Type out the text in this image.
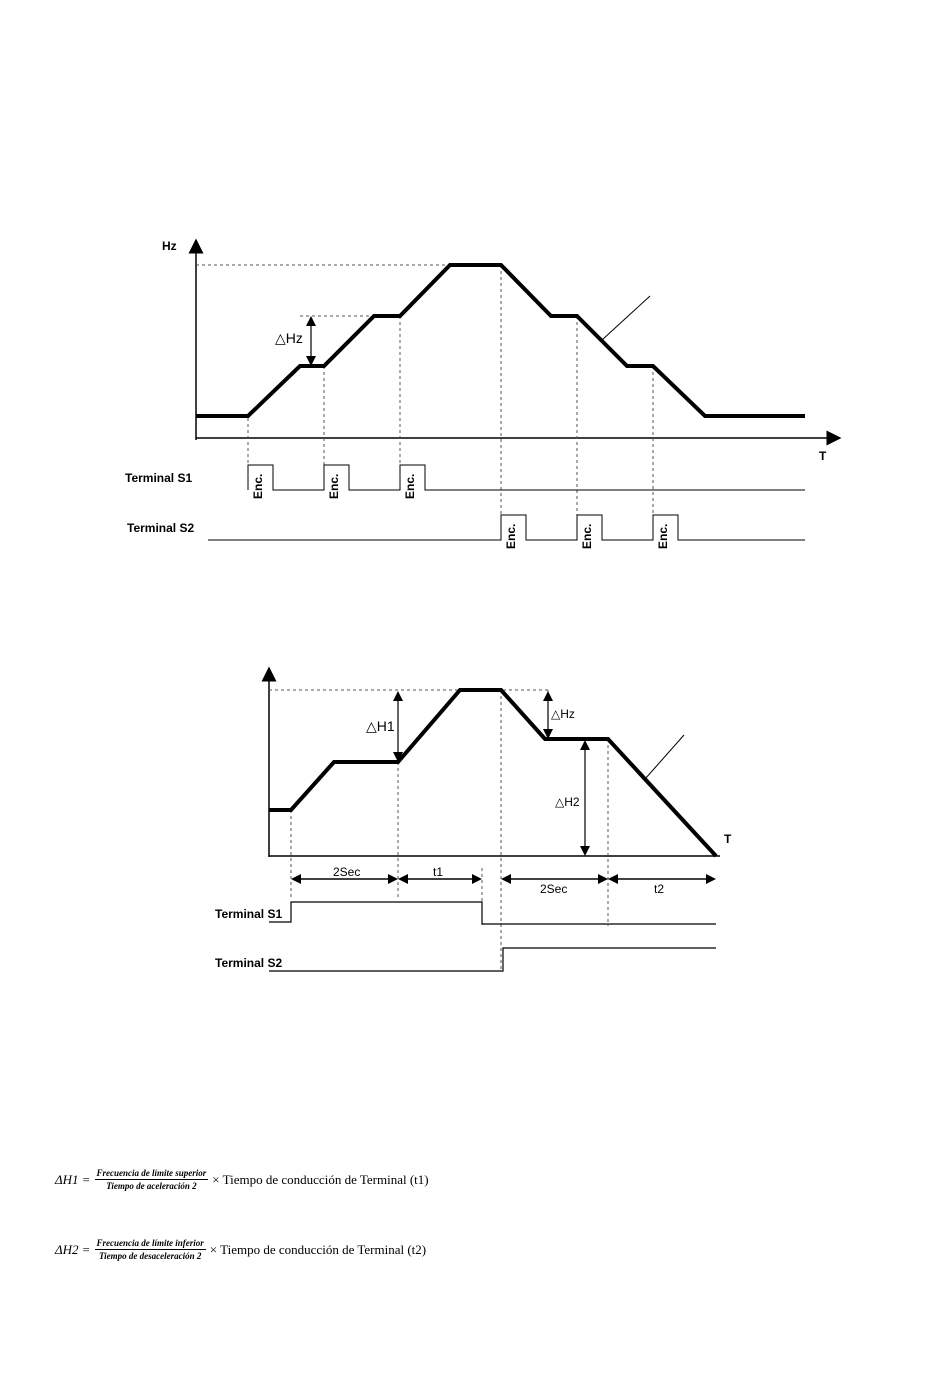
Hz
T
△Hz
Terminal S1	Enc.	Enc.	Enc.
Terminal S2	Enc.	Enc.	Enc.
T
△H1
△Hz
△H2
2Sec	t1
2Sec	t2
Terminal S1
Terminal S2
$\Delta H1 = \frac{\text{Frecuencia de límite superior}}{\text{Tiempo de aceleración 2}}$ × Tiempo de conducción de Terminal (t1)
$\Delta H2 = \frac{\text{Frecuencia de límite inferior}}{\text{Tiempo de desaceleración 2}}$ × Tiempo de conducción de Terminal (t2)
